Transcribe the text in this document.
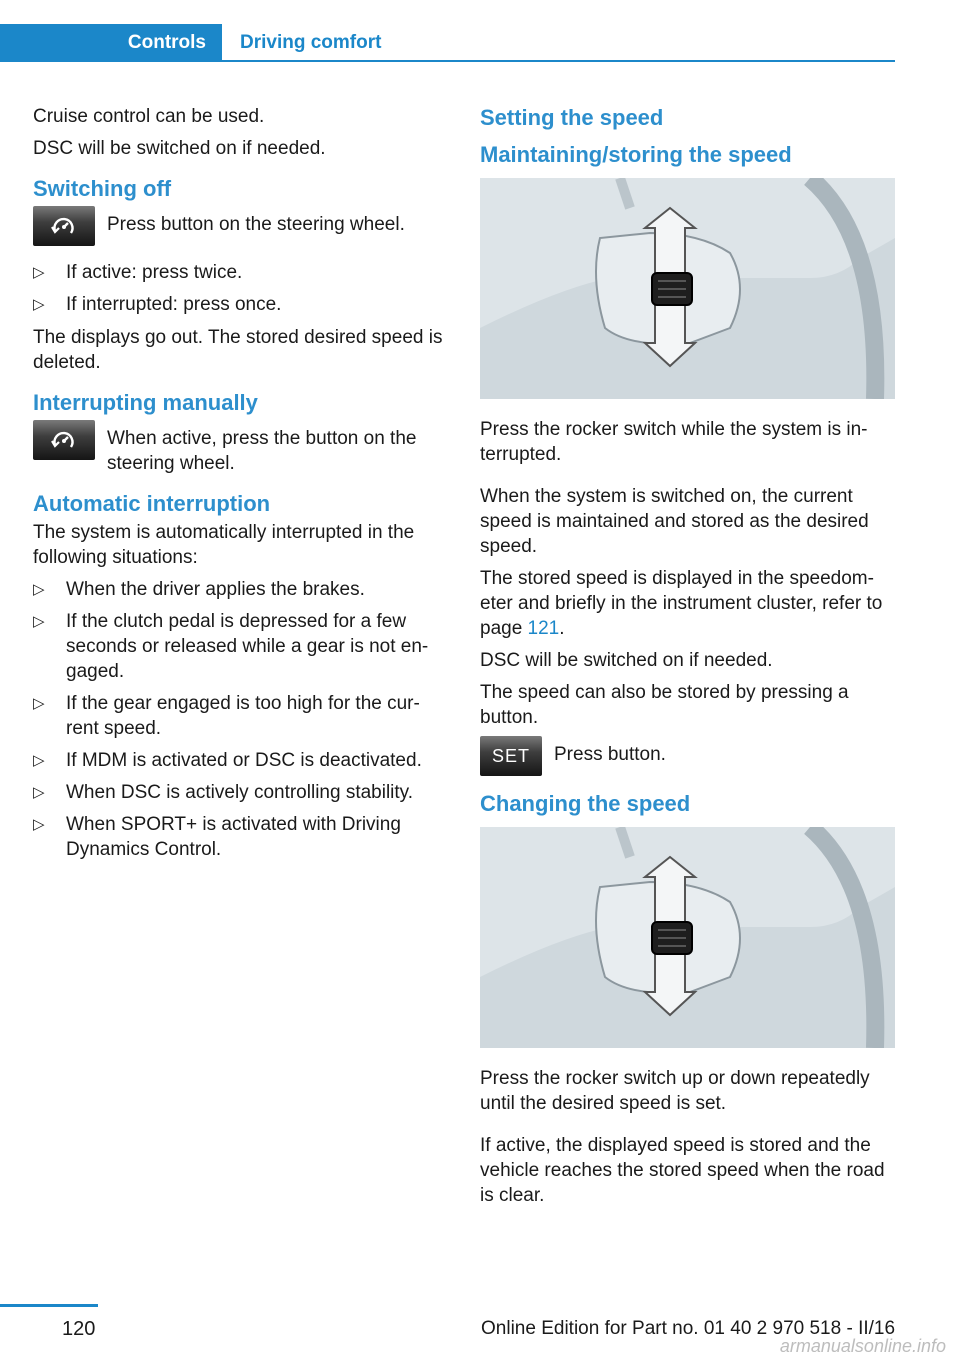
Controls Driving comfort

Cruise control can be used.

DSC will be switched on if needed.

Switching off
Press button on the steering wheel.
▷ If active: press twice.
▷ If interrupted: press once.

The displays go out. The stored desired speed is deleted.

Interrupting manually
When active, press the button on the steering wheel.
Automatic interruption

The system is automatically interrupted in the following situations:

▷ When the driver applies the brakes.
▷ If the clutch pedal is depressed for a few seconds or released while a gear is not en‐ gaged.
▷ If the gear engaged is too high for the cur‐ rent speed.
▷ If MDM is activated or DSC is deactivated.
▷ When DSC is actively controlling stability.
▷ When SPORT+ is activated with Driving Dynamics Control.
Setting the speed
Maintaining/storing the speed

Press the rocker switch while the system is in‐ terrupted.

When the system is switched on, the current speed is maintained and stored as the desired speed.

The stored speed is displayed in the speedom‐ eter and briefly in the instrument cluster, refer to page 121.

DSC will be switched on if needed.

The speed can also be stored by pressing a button.

SET Press button.
Changing the speed

Press the rocker switch up or down repeatedly until the desired speed is set.

If active, the displayed speed is stored and the vehicle reaches the stored speed when the road is clear.

120	Online Edition for Part no. 01 40 2 970 518 - II/16
armanualsonline.info
